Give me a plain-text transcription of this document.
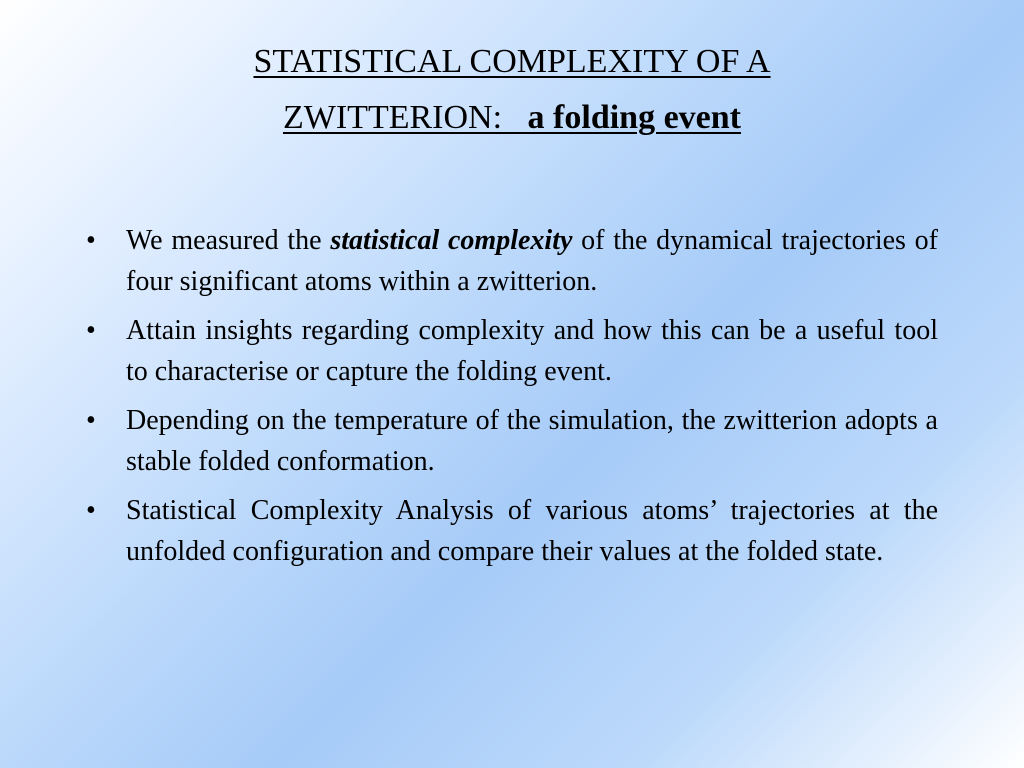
STATISTICAL COMPLEXITY OF A
ZWITTERION:   a folding event
•	We measured the statistical complexity of the dynamical trajectories of four significant atoms within a zwitterion.
•	Attain insights regarding complexity and how this can be a useful tool to characterise or capture the folding event.
•	Depending on the temperature of the simulation, the zwitterion adopts a stable folded conformation.
•	Statistical Complexity Analysis of various atoms’ trajectories at the unfolded configuration and compare their values at the folded state.
